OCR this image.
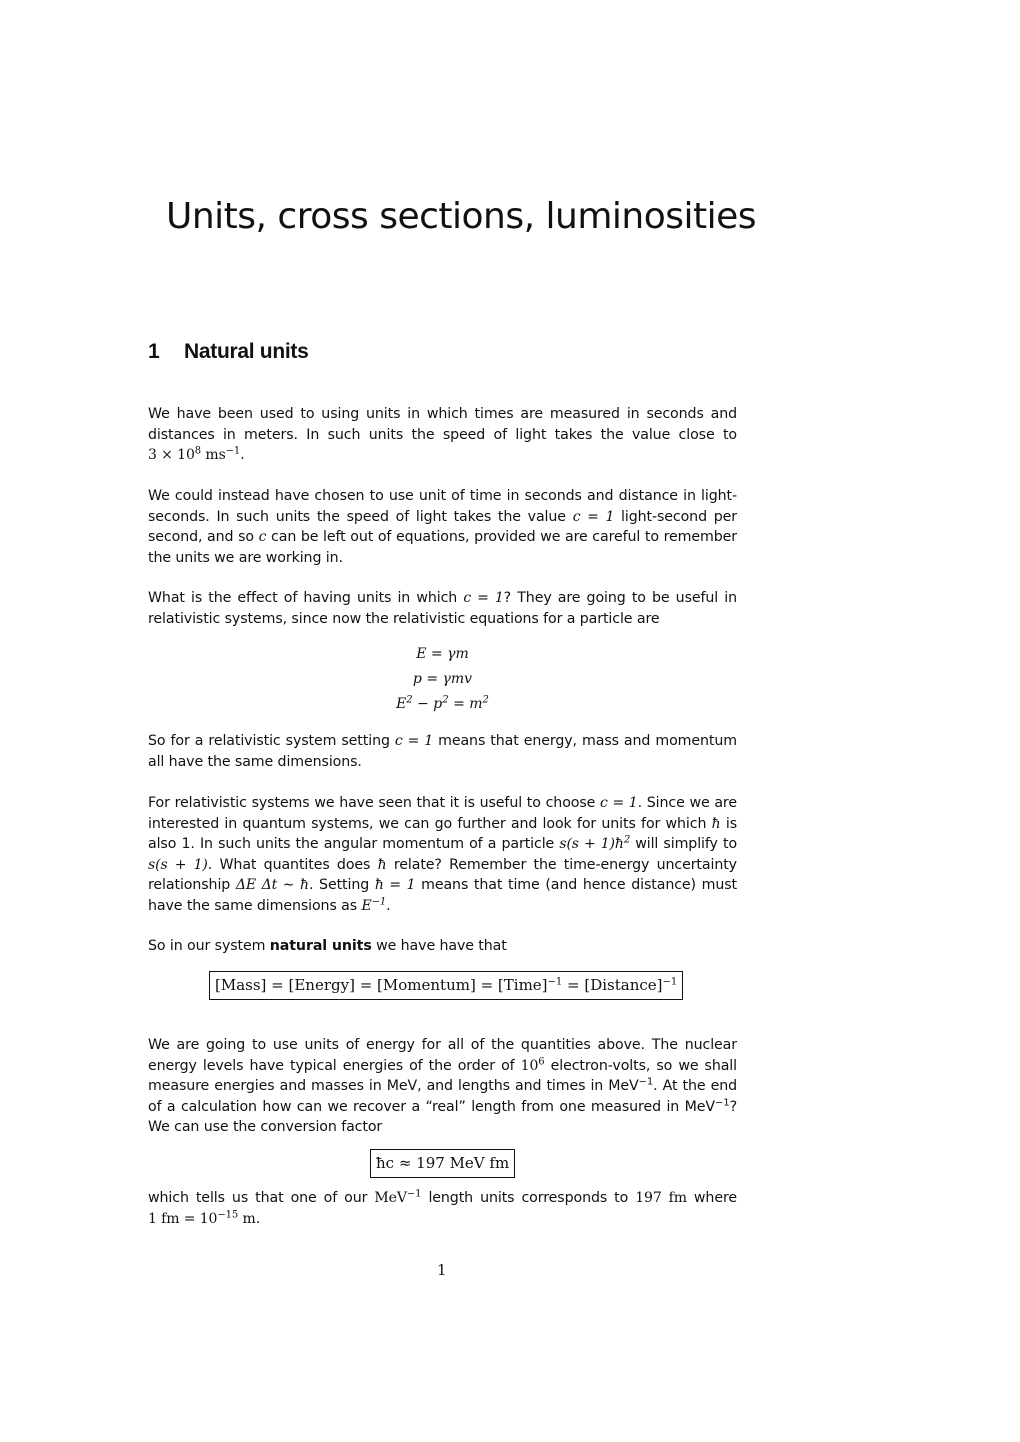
Units, cross sections, luminosities
1 Natural units

We have been used to using units in which times are measured in seconds and distances in meters. In such units the speed of light takes the value close to $3 \times 10^8$ $ms^{-1}$.

We could instead have chosen to use unit of time in seconds and distance in light-seconds. In such units the speed of light takes the value c = 1 light-second per second, and so c can be left out of equations, provided we are careful to remember the units we are working in.

What is the effect of having units in which c = 1? They are going to be useful in relativistic systems, since now the relativistic equations for a particle are

E = γm
p = γmv
$E^2 - p^2 = m^2$

So for a relativistic system setting c = 1 means that energy, mass and momentum all have the same dimensions.

For relativistic systems we have seen that it is useful to choose c = 1. Since we are interested in quantum systems, we can go further and look for units for which ħ is also 1. In such units the angular momentum of a particle $s(s + 1)ħ^2$ will simplify to s(s + 1). What quantites does ħ relate? Remember the time-energy uncertainty relationship ΔE Δt ∼ ħ. Setting ħ = 1 means that time (and hence distance) must have the same dimensions as $E^{-1}$.

So in our system natural units we have have that

[Mass] = [Energy] = [Momentum] = [Time]$^{-1}$ = [Distance]$^{-1}$

We are going to use units of energy for all of the quantities above. The nuclear energy levels have typical energies of the order of $10^6$ electron-volts, so we shall measure energies and masses in MeV, and lengths and times in MeV$^{-1}$. At the end of a calculation how can we recover a “real” length from one measured in MeV$^{-1}$? We can use the conversion factor

ħc ≈ 197 MeV fm

which tells us that one of our MeV$^{-1}$ length units corresponds to 197 fm where 1 fm = $10^{-15}$ m.

1
